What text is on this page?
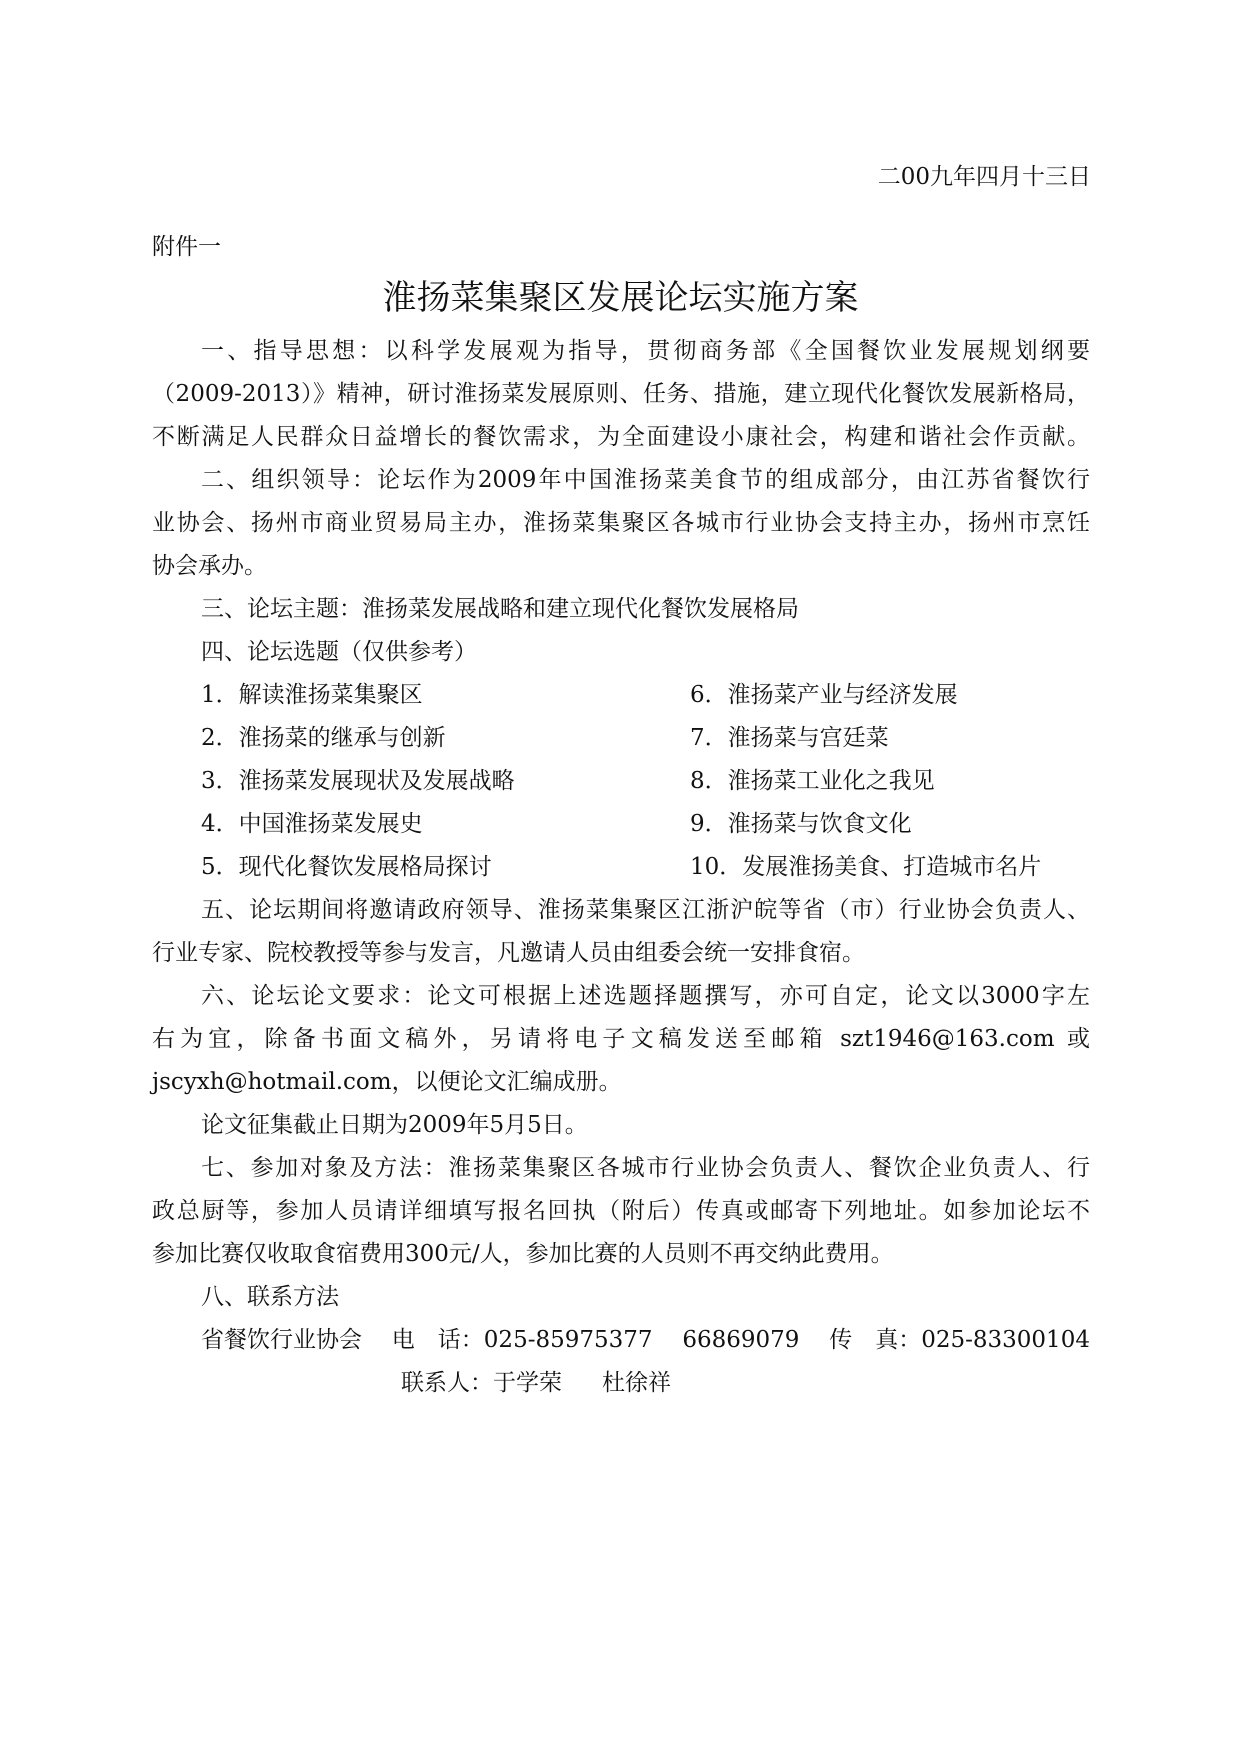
二00九年四月十三日
附件一
淮扬菜集聚区发展论坛实施方案
一、指导思想：以科学发展观为指导，贯彻商务部《全国餐饮业发展规划纲要
（2009-2013）》精神，研讨淮扬菜发展原则、任务、措施，建立现代化餐饮发展新格局，
不断满足人民群众日益增长的餐饮需求，为全面建设小康社会，构建和谐社会作贡献。
二、组织领导：论坛作为2009年中国淮扬菜美食节的组成部分，由江苏省餐饮行
业协会、扬州市商业贸易局主办，淮扬菜集聚区各城市行业协会支持主办，扬州市烹饪
协会承办。
三、论坛主题：淮扬菜发展战略和建立现代化餐饮发展格局
四、论坛选题（仅供参考）
1．解读淮扬菜集聚区	6．淮扬菜产业与经济发展
2．淮扬菜的继承与创新	7．淮扬菜与宫廷菜
3．淮扬菜发展现状及发展战略	8．淮扬菜工业化之我见
4．中国淮扬菜发展史	9．淮扬菜与饮食文化
5．现代化餐饮发展格局探讨	10．发展淮扬美食、打造城市名片
五、论坛期间将邀请政府领导、淮扬菜集聚区江浙沪皖等省（市）行业协会负责人、
行业专家、院校教授等参与发言，凡邀请人员由组委会统一安排食宿。
六、论坛论文要求：论文可根据上述选题择题撰写，亦可自定，论文以3000字左
右为宜，除备书面文稿外，另请将电子文稿发送至邮箱 szt1946@163.com 或
jscyxh@hotmail.com，以便论文汇编成册。
论文征集截止日期为2009年5月5日。
七、参加对象及方法：淮扬菜集聚区各城市行业协会负责人、餐饮企业负责人、行
政总厨等，参加人员请详细填写报名回执（附后）传真或邮寄下列地址。如参加论坛不
参加比赛仅收取食宿费用300元/人，参加比赛的人员则不再交纳此费用。
八、联系方法
省餐饮行业协会 电　话：025-85975377 66869079 传　真：025-83300104
联系人：于学荣 杜徐祥
